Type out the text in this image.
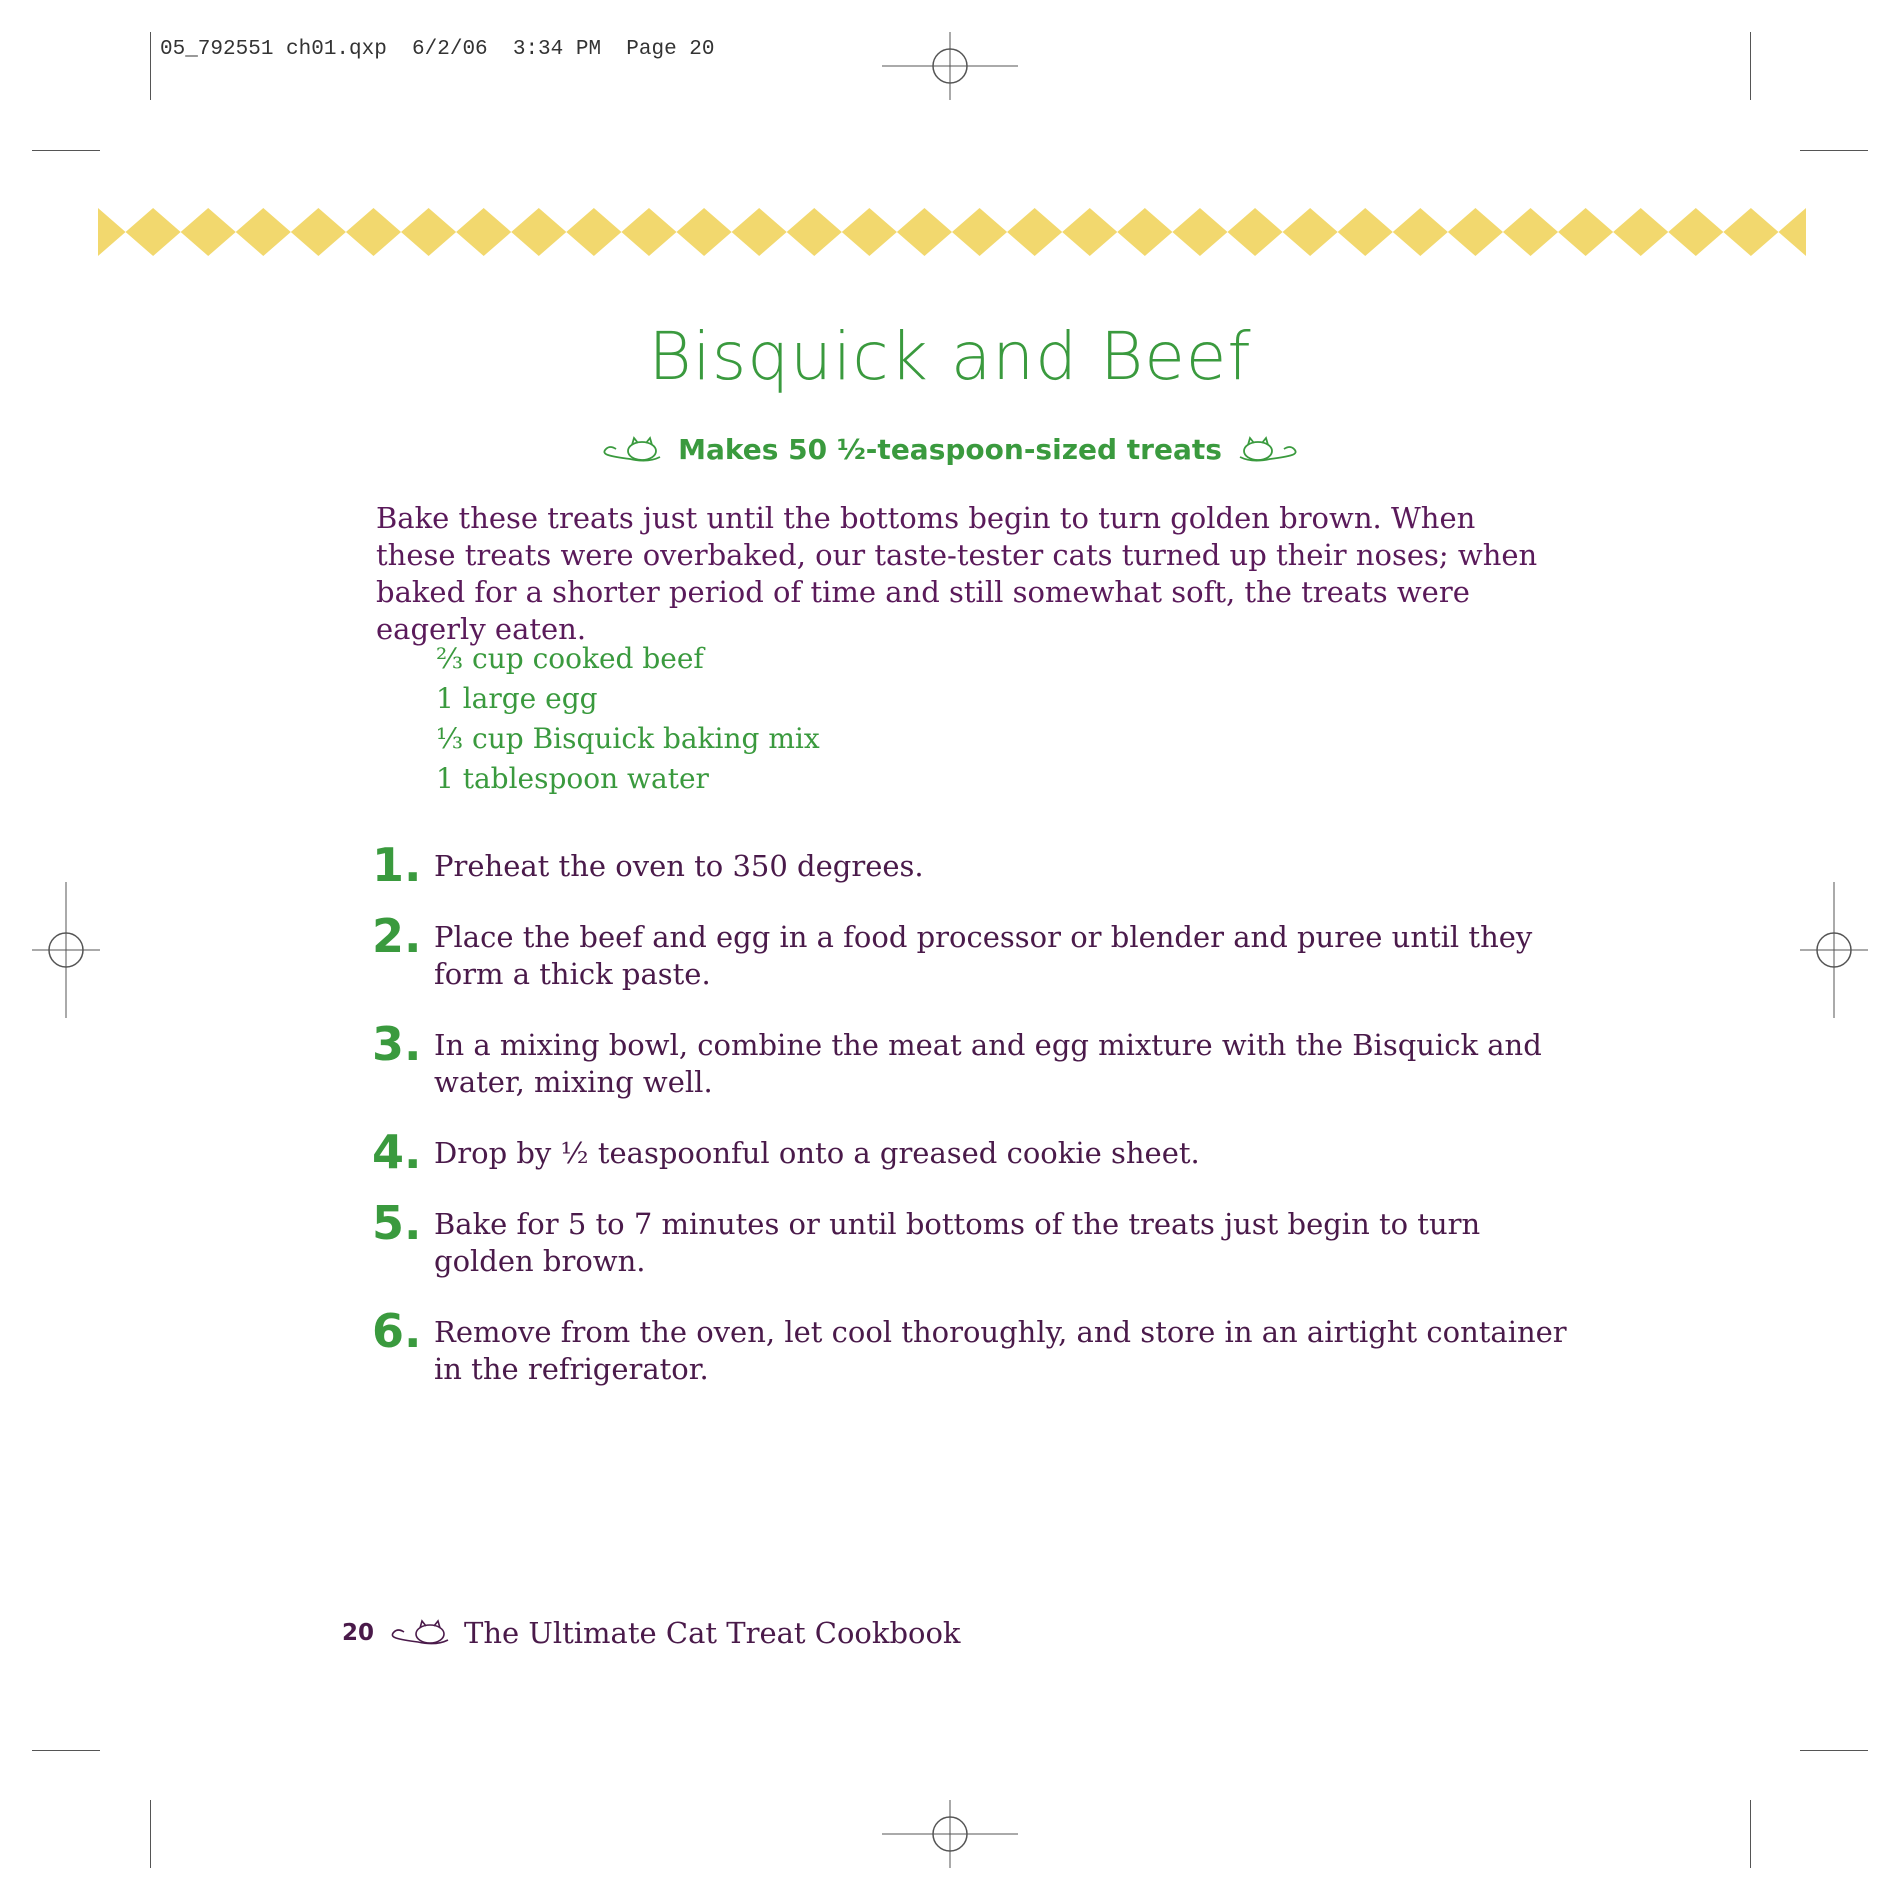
05_792551 ch01.qxp  6/2/06  3:34 PM  Page 20
Bisquick and Beef
Makes 50 ½-teaspoon-sized treats

Bake these treats just until the bottoms begin to turn golden brown. When these treats were overbaked, our taste-tester cats turned up their noses; when baked for a shorter period of time and still somewhat soft, the treats were eagerly eaten.

⅔ cup cooked beef
1 large egg
⅓ cup Bisquick baking mix
1 tablespoon water
1. Preheat the oven to 350 degrees.
2. Place the beef and egg in a food processor or blender and puree until they form a thick paste.
3. In a mixing bowl, combine the meat and egg mixture with the Bisquick and water, mixing well.
4. Drop by ½ teaspoonful onto a greased cookie sheet.
5. Bake for 5 to 7 minutes or until bottoms of the treats just begin to turn golden brown.
6. Remove from the oven, let cool thoroughly, and store in an airtight container in the refrigerator.
20	The Ultimate Cat Treat Cookbook
